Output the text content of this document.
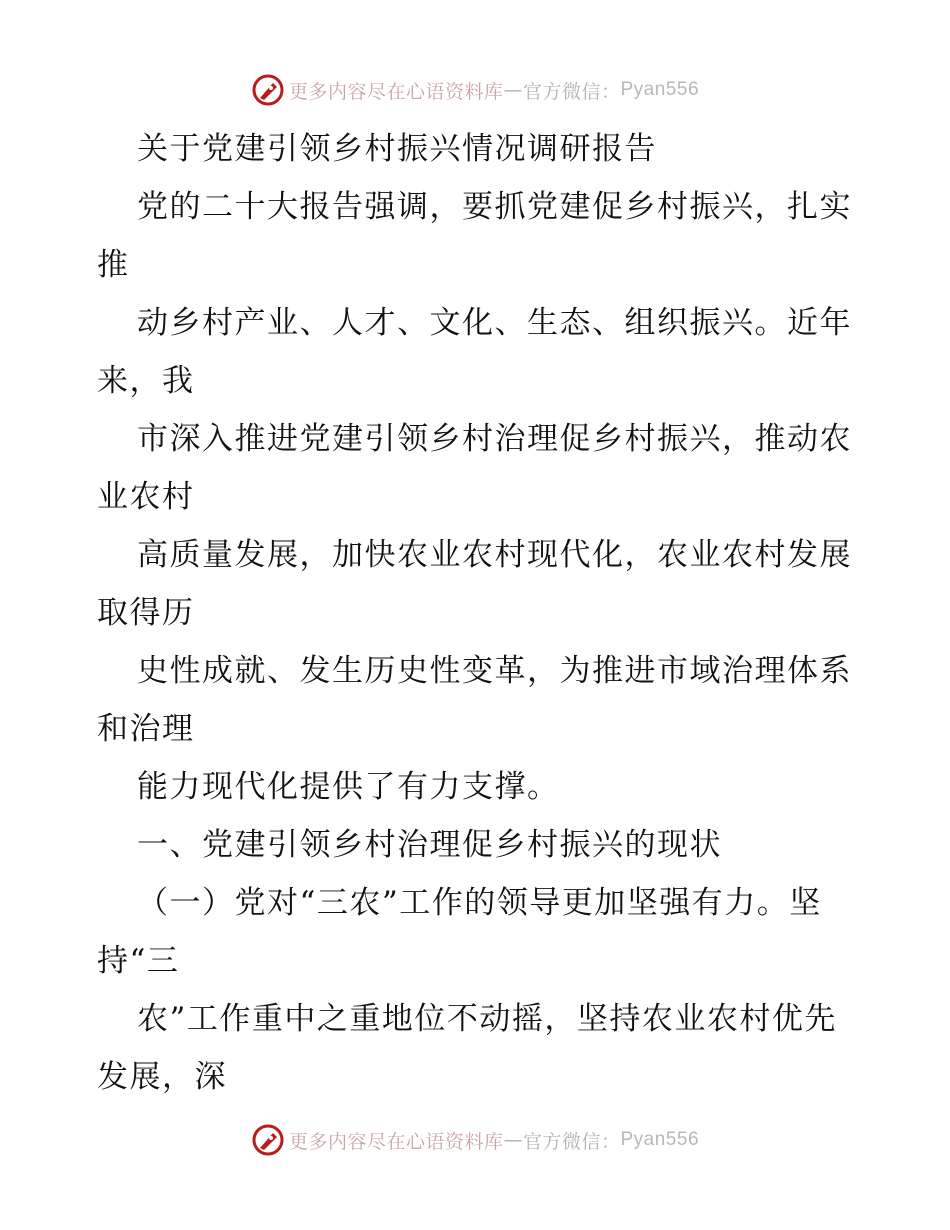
更多内容尽在心语资料库 — 官方微信： Pyan556

关于党建引领乡村振兴情况调研报告

党的二十大报告强调，要抓党建促乡村振兴，扎实推

动乡村产业、人才、文化、生态、组织振兴。近年来，我

市深入推进党建引领乡村治理促乡村振兴，推动农业农村

高质量发展，加快农业农村现代化，农业农村发展取得历

史性成就、发生历史性变革，为推进市域治理体系和治理

能力现代化提供了有力支撑。

一、党建引领乡村治理促乡村振兴的现状

（一）党对“三农”工作的领导更加坚强有力。坚持“三

农”工作重中之重地位不动摇，坚持农业农村优先发展，深

更多内容尽在心语资料库 — 官方微信： Pyan556
